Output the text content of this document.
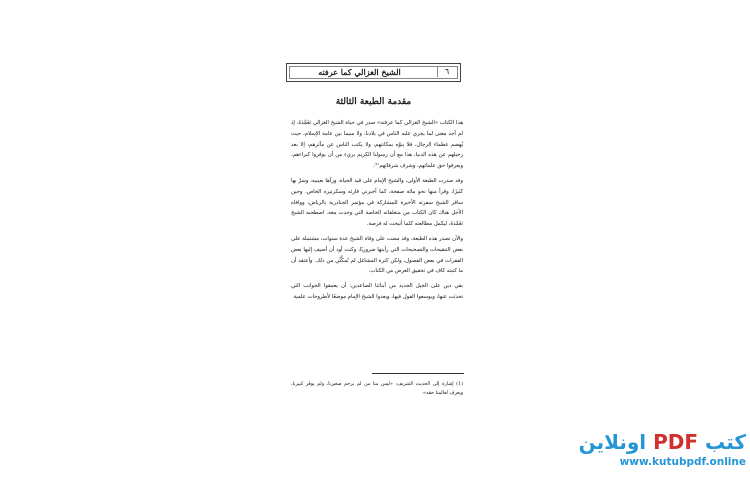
الشيخ الغزالي كما عرفته	٦
مقدمة الطبعة الثالثة

هذا الكتاب «الشيخ الغزالي كما عرفته» صدر في حياة الشيخ الغزالي تَغَمَّدَهُ. إذ لم أجد معنى لما يجري عليه الناس في بلادنا، ولا سيما بين عامة الإسلام، حيث يُهضم عظماء الرجال، فلا ينوّه بمكانتهم، ولا يكتب الناس عن مآثرهم، إلا بعد رحيلهم عن هذه الدنيا، هذا مع أن رسولنا الكريم بريء من أن يوقروا كبراءهم، ويعرفوا حق علمائهم، وشرف شرفائهم⁽¹⁾.

وقد صدرت الطبعة الأولى، والشيخ الإمام على قيد الحياة، ورآها بعينيه، وسرّ بها كثيرًا، وقرأ منها نحو مائة صفحة، كما أخبرني قارئه وسكرتيره الخاص. وحين سافر الشيخ سفرته الأخيرة للمشاركة في مؤتمر الجنادرية بالرياض، ووافاه الأجل هناك كان الكتاب من متعلقاته الخاصة التي وجدت معه. اصطحبه الشيخ تَغَمَّدَهُ، ليكمل مطالعته كلما أتيحت له فرصة.

والآن تصدر هذه الطبعة، وقد مضت على وفاة الشيخ عدة سنوات، مشتملة على بعض التنقيحات والتصحيحات التي رأيتها ضروريًا، وكنت أود أن أضيف إليها بعض الفقرات في بعض الفصول، ولكن كثرة المشاغل لم تُمكِّنِّي من ذلك. وأعتقد أن ما كتبته كاف في تحقيق الغرض من الكتاب.

بقي دين على الجيل الجديد من أبنائنا الصاعدين: أن يعمقوا الجوانب التي تحدثت عنها، ويوسعوا القول فيها، ويعدوا الشيخ الإمام موضعًا لأطروحات علمية

(1) إشارة إلى الحديث الشريف: «ليس منا من لم يرحم صغيرنا، ولم يوقر كبيرنا، ويعرف لعالمنا حقه».
كتب PDF اونلاين
www.kutubpdf.online
